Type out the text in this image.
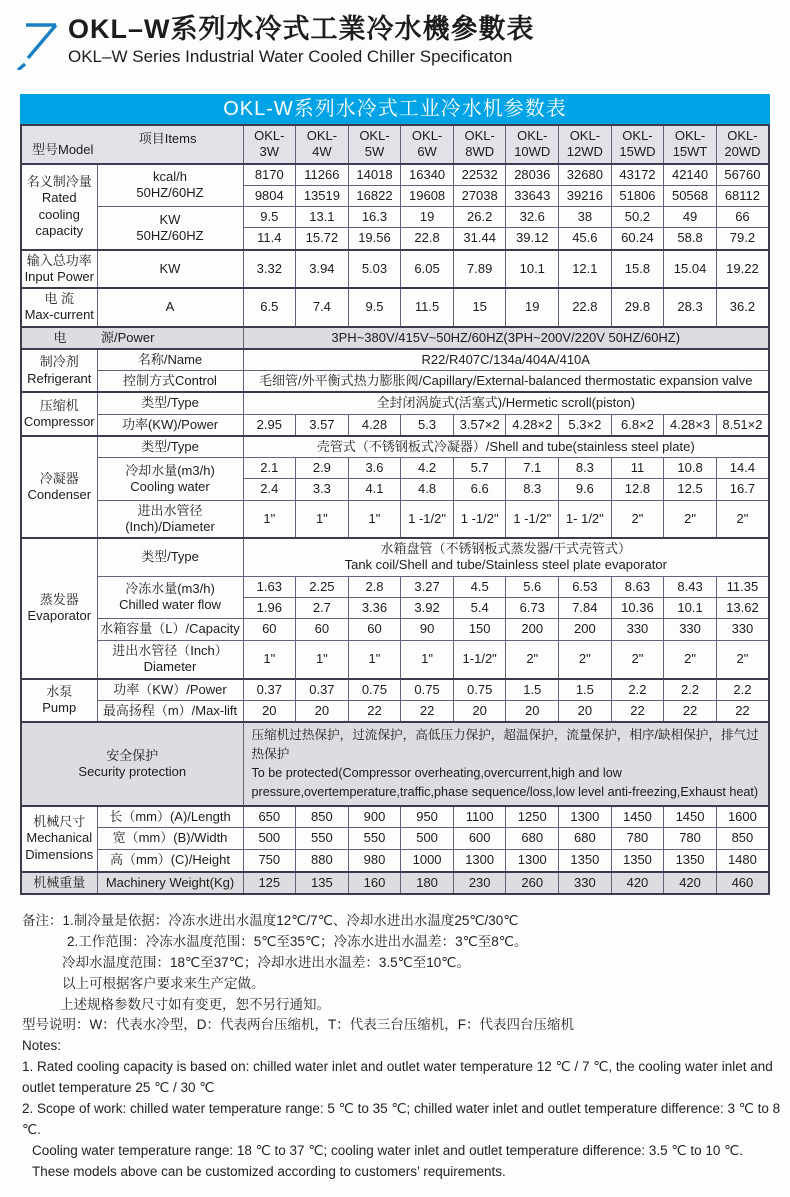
OKL–W系列水冷式工業冷水機參數表
OKL–W Series Industrial Water Cooled Chiller Specificaton
OKL-W系列水冷式工业冷水机参数表
型号Model
项目Items		OKL-3W	OKL-4W	OKL-5W	OKL-6W	OKL-8WD	OKL-10WD	OKL-12WD	OKL-15WD	OKL-15WT	OKL-20WD

名义制冷量
Rated cooling capacity	kcal/h
50HZ/60HZ	8170	11266	14018	16340	22532	28036	32680	43172	42140	56760
		9804	13519	16822	19608	27038	33643	39216	51806	50568	68112

	KW
50HZ/60HZ	9.5	13.1	16.3	19	26.2	32.6	38	50.2	49	66
		11.4	15.72	19.56	22.8	31.44	39.12	45.6	60.24	58.8	79.2

输入总功率
Input Power	KW	3.32	3.94	5.03	6.05	7.89	10.1	12.1	15.8	15.04	19.22

电 流
Max-current	A	6.5	7.4	9.5	11.5	15	19	22.8	29.8	28.3	36.2

电 源/Power		3PH~380V/415V~50HZ/60HZ(3PH~200V/220V 50HZ/60HZ)									

制冷剂
Refrigerant	名称/Name	R22/R407C/134a/404A/410A									
	控制方式Control	毛细管/外平衡式热力膨胀阀/Capillary/External-balanced thermostatic expansion valve									

压缩机
Compressor	类型/Type	全封闭涡旋式(活塞式)/Hermetic scroll(piston)									
	功率(KW)/Power	2.95	3.57	4.28	5.3	3.57×2	4.28×2	5.3×2	6.8×2	4.28×3	8.51×2

冷凝器
Condenser	类型/Type	壳管式（不锈钢板式冷凝器）/Shell and tube(stainless steel plate)									

	冷却水量(m3/h)
Cooling water	2.1	2.9	3.6	4.2	5.7	7.1	8.3	11	10.8	14.4
		2.4	3.3	4.1	4.8	6.6	8.3	9.6	12.8	12.5	16.7

	进出水管径
(Inch)/Diameter	1"	1"	1"	1 -1/2"	1 -1/2"	1 -1/2"	1- 1/2"	2"	2"	2"

蒸发器
Evaporator	类型/Type	水箱盘管（不锈钢板式蒸发器/干式壳管式）
Tank coil/Shell and tube/Stainless steel plate evaporator									

	冷冻水量(m3/h)
Chilled water flow	1.63	2.25	2.8	3.27	4.5	5.6	6.53	8.63	8.43	11.35
		1.96	2.7	3.36	3.92	5.4	6.73	7.84	10.36	10.1	13.62
	水箱容量（L）/Capacity	60	60	60	90	150	200	200	330	330	330

	进出水管径（Inch）
Diameter	1"	1"	1"	1"	1-1/2"	2"	2"	2"	2"	2"

水泵
Pump	功率（KW）/Power	0.37	0.37	0.75	0.75	0.75	1.5	1.5	2.2	2.2	2.2
	最高扬程（m）/Max-lift	20	20	22	22	20	20	20	22	22	22

安全保护
Security protection		压缩机过热保护，过流保护，高低压力保护，超温保护，流量保护，相序/缺相保护，排气过热保护
To be protected(Compressor overheating,overcurrent,high and low pressure,overtemperature,traffic,phase sequence/loss,low level anti-freezing,Exhaust heat)									

机械尺寸
Mechanical
Dimensions	长（mm）(A)/Length	650	850	900	950	1100	1250	1300	1450	1450	1600
	宽（mm）(B)/Width	500	550	550	500	600	680	680	780	780	850
	高（mm）(C)/Height	750	880	980	1000	1300	1300	1350	1350	1350	1480
机械重量	Machinery Weight(Kg)	125	135	160	180	230	260	330	420	420	460
备注：1.制冷量是依据：冷冻水进出水温度12℃/7℃、冷却水进出水温度25℃/30℃
2.工作范围：冷冻水温度范围：5℃至35℃；冷冻水进出水温差：3℃至8℃。
冷却水温度范围：18℃至37℃；冷却水进出水温差：3.5℃至10℃。
以上可根据客户要求来生产定做。
上述规格参数尺寸如有变更，恕不另行通知。
型号说明：W：代表水冷型，D：代表两台压缩机，T：代表三台压缩机，F：代表四台压缩机
Notes:
1. Rated cooling capacity is based on: chilled water inlet and outlet water temperature 12 ℃ / 7 ℃, the cooling water inlet and outlet temperature 25 ℃ / 30 ℃
2. Scope of work: chilled water temperature range: 5 ℃ to 35 ℃; chilled water inlet and outlet temperature difference: 3 ℃ to 8 ℃.
Cooling water temperature range: 18 ℃ to 37 ℃; cooling water inlet and outlet temperature difference: 3.5 ℃ to 10 ℃.
These models above can be customized according to customers’ requirements.
